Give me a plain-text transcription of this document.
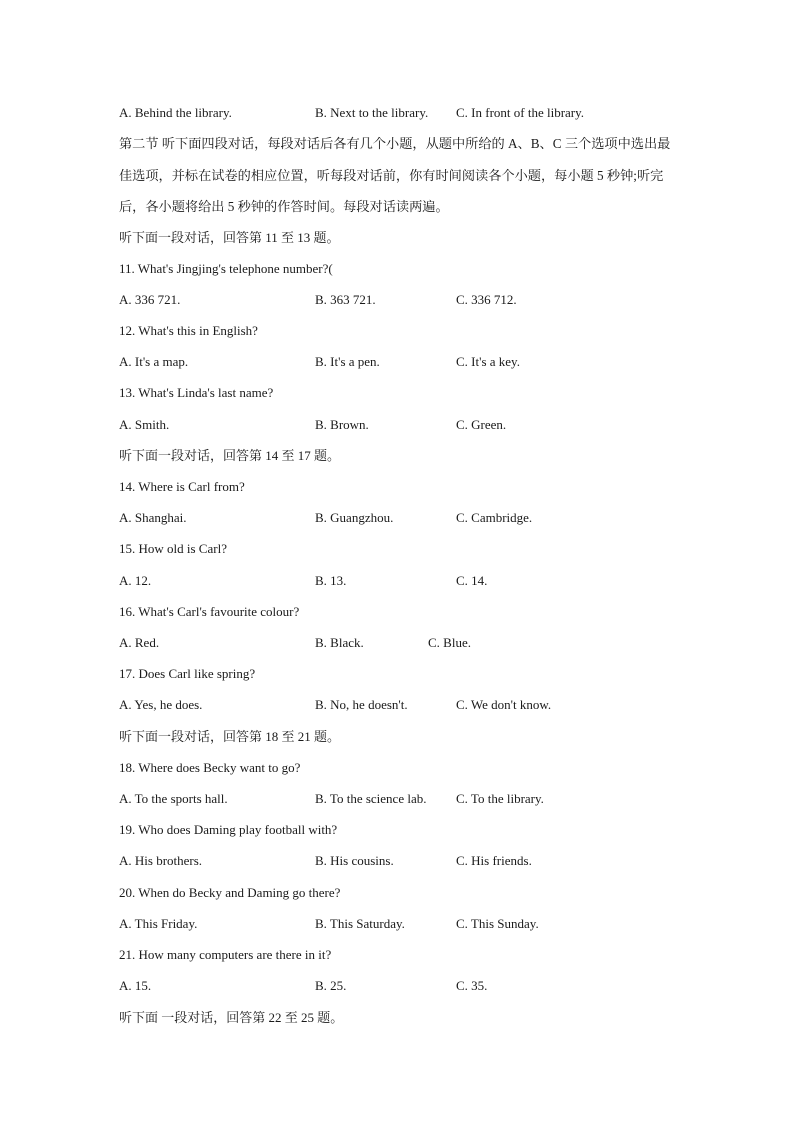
A. Behind the library.	B. Next to the library. C. In front of the library.
第二节 听下面四段对话，每段对话后各有几个小题，从题中所给的 A、B、C 三个选项中选出最佳选项，并标在试卷的相应位置，听每段对话前，你有时间阅读各个小题，每小题 5 秒钟;听完后，各小题将给出 5 秒钟的作答时间。每段对话读两遍。
听下面一段对话，回答第 11 至 13 题。
11. What's Jingjing's telephone number?(
A. 336 721.	B. 363 721.	C. 336 712.
12. What's this in English?
A. It's a map.	B. It's a pen.	C. It's a key.
13. What's Linda's last name?
A. Smith.	B. Brown.	C. Green.
听下面一段对话，回答第 14 至 17 题。
14. Where is Carl from?
A. Shanghai.	B. Guangzhou.	C. Cambridge.
15. How old is Carl?
A. 12.	B. 13.	C. 14.
16. What's Carl's favourite colour?
A. Red.	B. Black.	C. Blue.
17. Does Carl like spring?
A. Yes, he does.	B. No, he doesn't.	C. We don't know.
听下面一段对话，回答第 18 至 21 题。
18. Where does Becky want to go?
A. To the sports hall.	B. To the science lab. C. To the library.
19. Who does Daming play football with?
A. His brothers.	B. His cousins.	C. His friends.
20. When do Becky and Daming go there?
A. This Friday.	B. This Saturday.	C. This Sunday.
21. How many computers are there in it?
A. 15.	B. 25.	C. 35.
听下面 一段对话，回答第 22 至 25 题。
